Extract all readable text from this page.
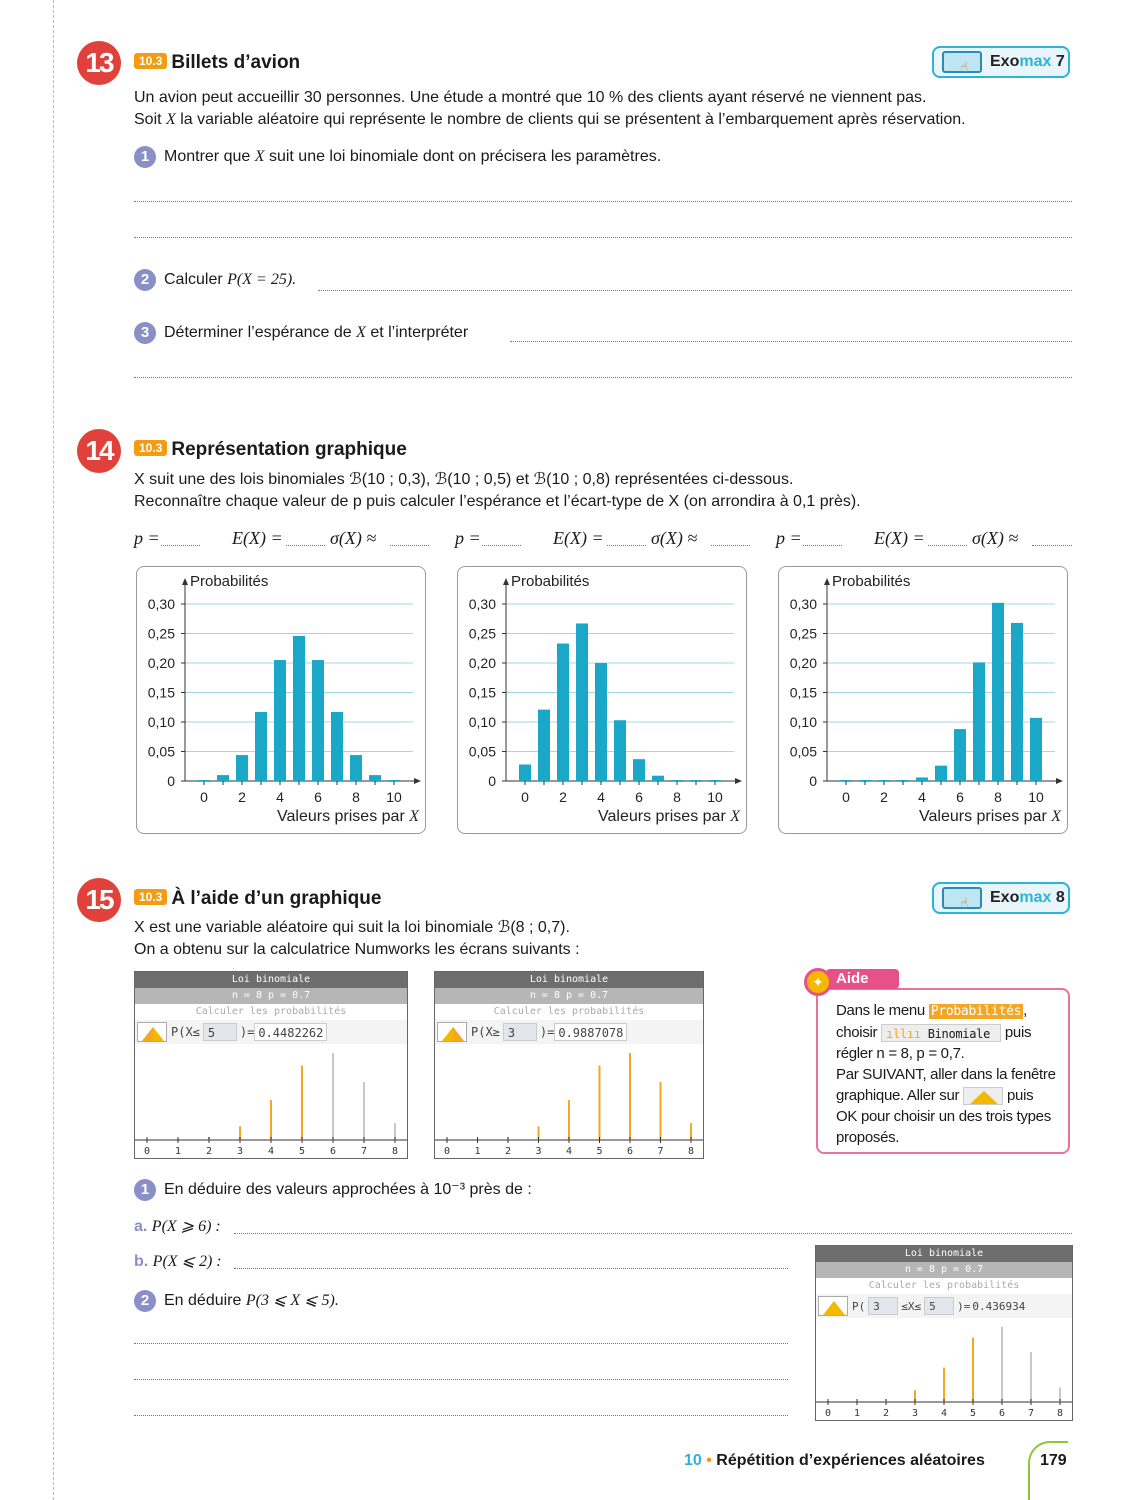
13	10.3 Billets d’avion	☝ Exomax 7
Un avion peut accueillir 30 personnes. Une étude a montré que 10 % des clients ayant réservé ne viennent pas.
Soit X la variable aléatoire qui représente le nombre de clients qui se présentent à l’embarquement après réservation.
1 Montrer que X suit une loi binomiale dont on précisera les paramètres.
2 Calculer P(X = 25).
3 Déterminer l’espérance de X et l’interpréter
14	10.3 Représentation graphique
X suit une des lois binomiales ℬ(10 ; 0,3), ℬ(10 ; 0,5) et ℬ(10 ; 0,8) représentées ci-dessous.
Reconnaître chaque valeur de p puis calculer l’espérance et l’écart-type de X (on arrondira à 0,1 près).
p =	E(X) =	σ(X) ≈	p =	E(X) =	σ(X) ≈	p =	E(X) =	σ(X) ≈
0
0,05
0,10
0,15
0,20
0,25
0,30
Probabilités
0 2 4 6 8 10
Valeurs prises par X
0
0,05
0,10
0,15
0,20
0,25
0,30
Probabilités
0 2 4 6 8 10
Valeurs prises par X
0
0,05
0,10
0,15
0,20
0,25
0,30
Probabilités
0 2 4 6 8 10
Valeurs prises par X
15	10.3 À l’aide d’un graphique	☝ Exomax 8
X est une variable aléatoire qui suit la loi binomiale ℬ(8 ; 0,7).
On a obtenu sur la calculatrice Numworks les écrans suivants :
Loi binomiale
n = 8 p = 0.7
Calculer les probabilités
P(X≤ 5	)= 0.4482262
0 1 2 3 4 5 6 7 8
Loi binomiale
n = 8 p = 0.7
Calculer les probabilités
P(X≥ 3	)= 0.9887078
0 1 2 3 4 5 6 7 8
Dans le menu Probabilités ,
choisir ıllıı Binomiale puis
régler n = 8, p = 0,7.
Par SUIVANT, aller dans la fenêtre
graphique. Aller sur	puis
OK pour choisir un des trois types
proposés.
Aide
✦
1 En déduire des valeurs approchées à 10⁻³ près de :
a. P(X ⩾ 6) :
b. P(X ⩽ 2) :
2 En déduire P(3 ⩽ X ⩽ 5).
Loi binomiale
n = 8 p = 0.7
Calculer les probabilités
P( 3	≤X≤ 5	)= 0.436934
0 1 2 3 4 5 6 7 8
10 • Répétition d’expériences aléatoires	179
